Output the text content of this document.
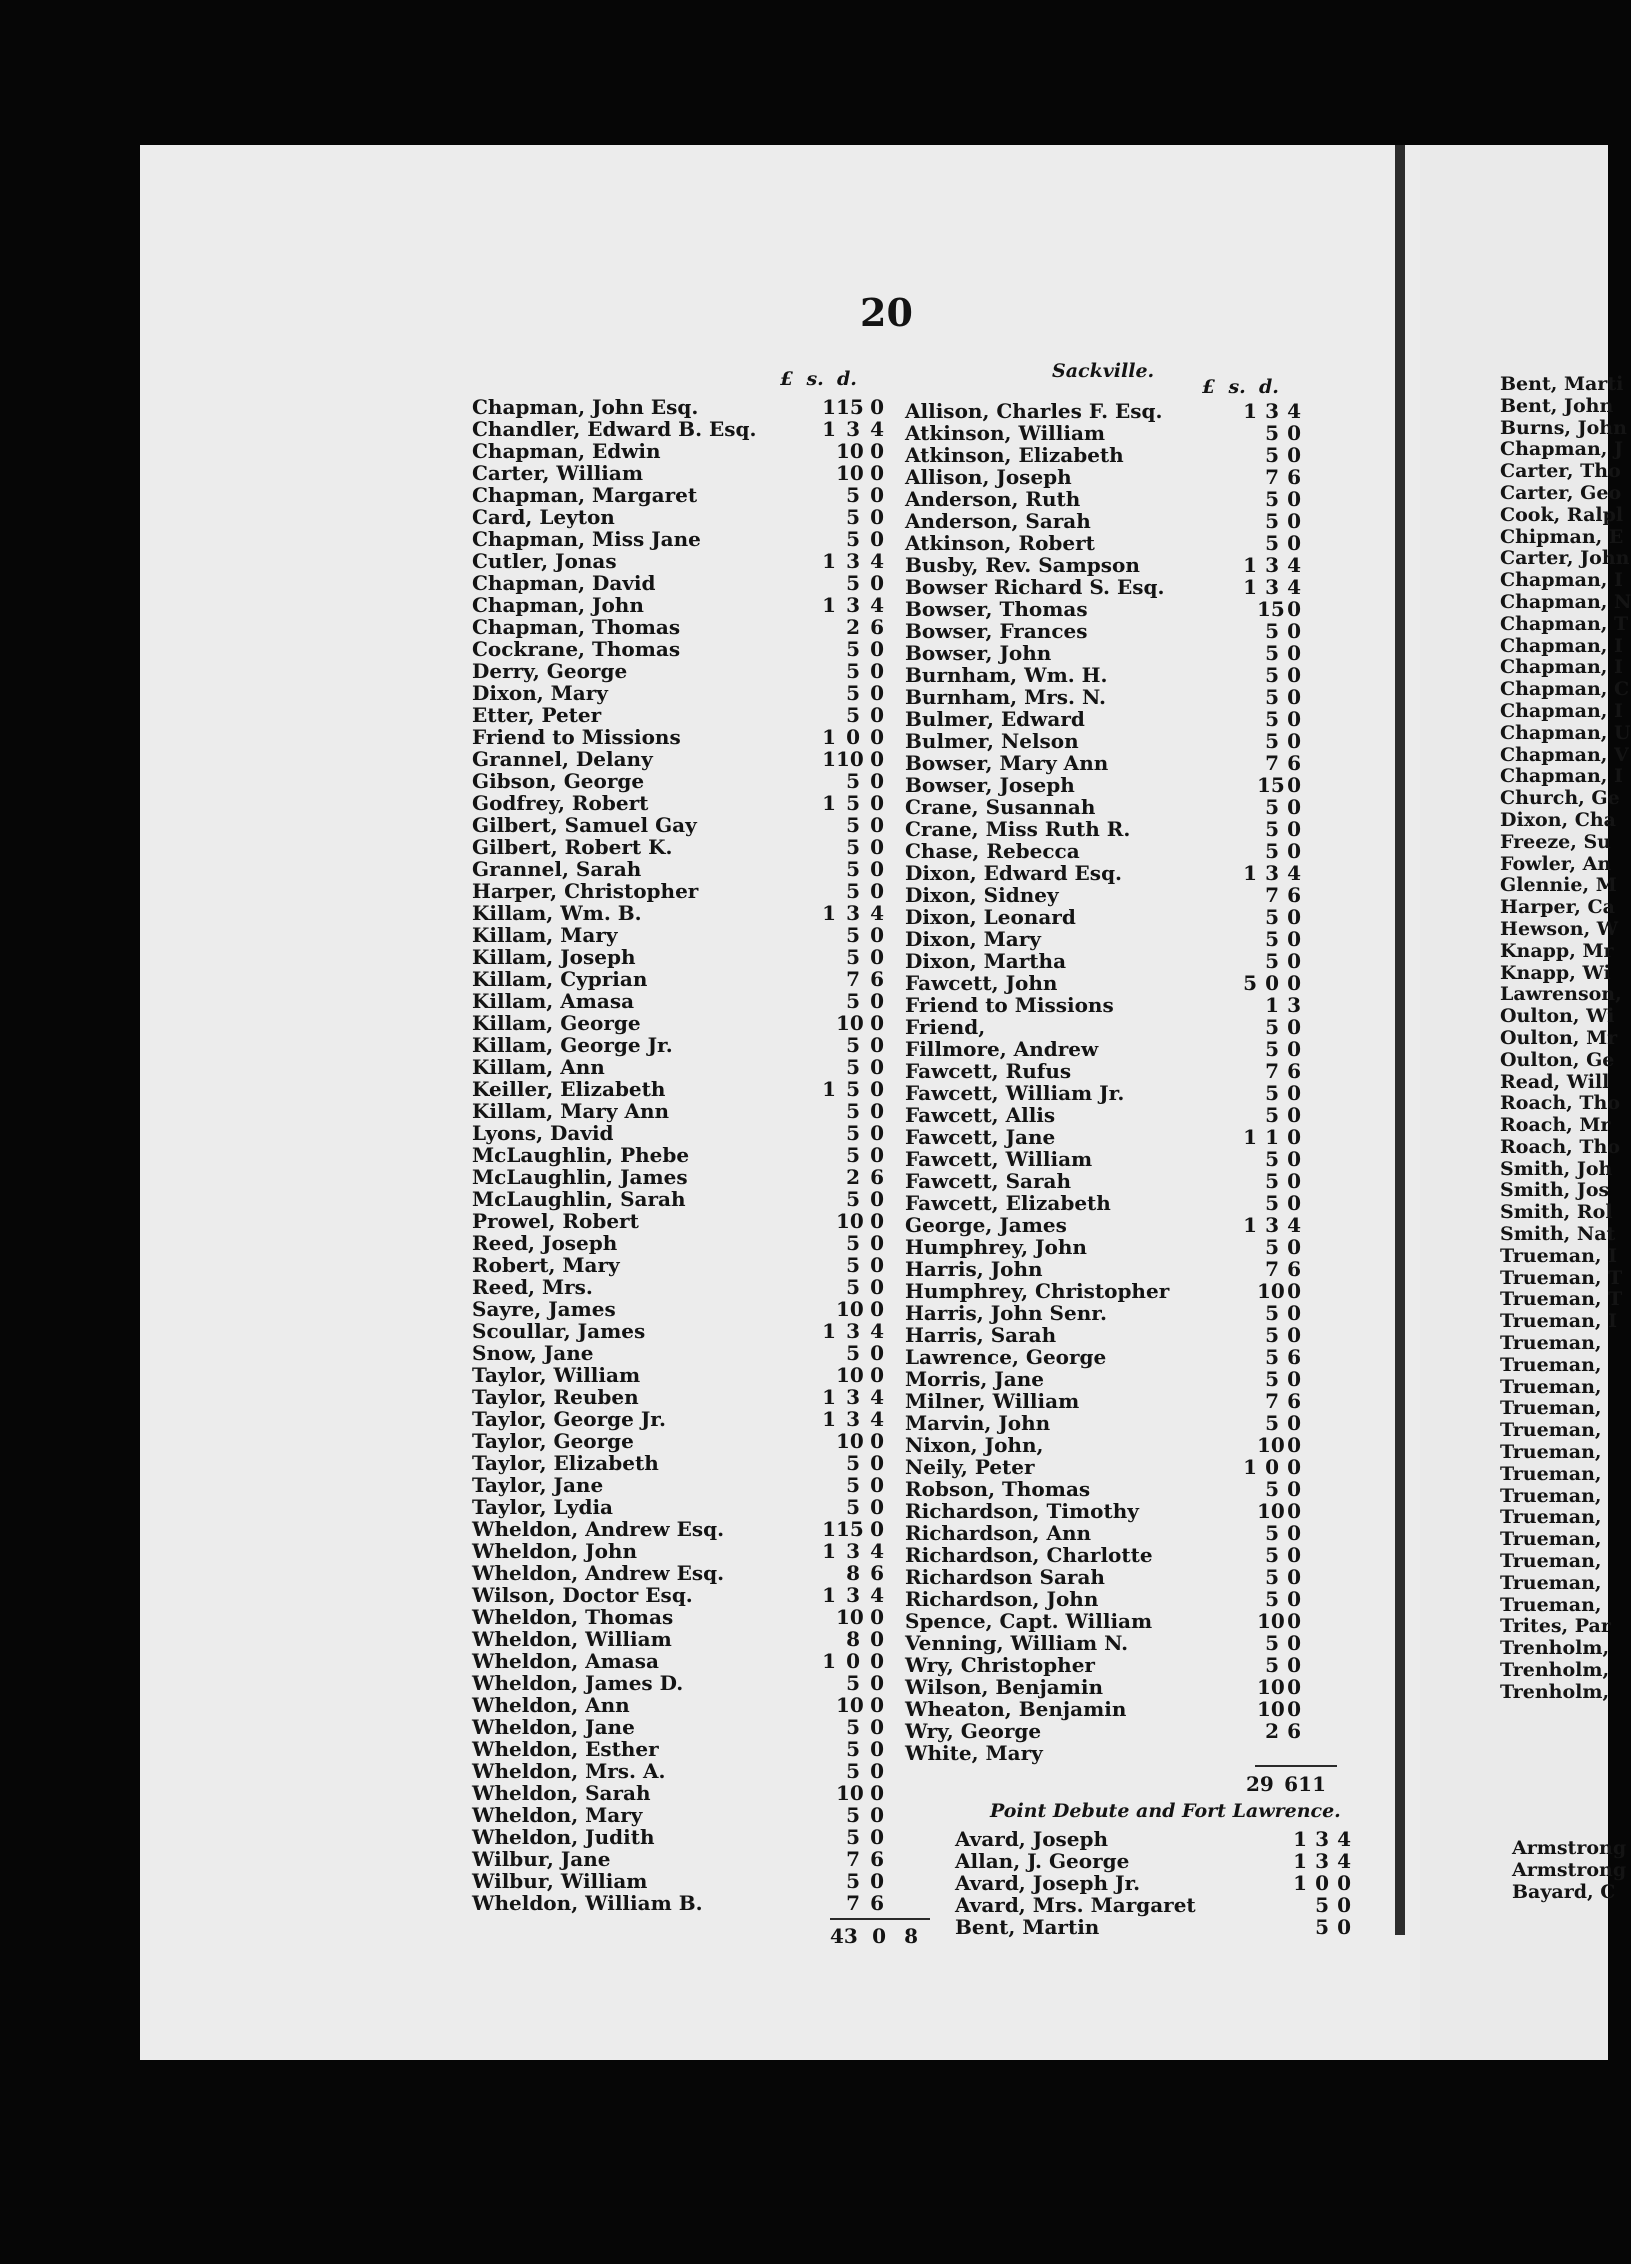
20
£ s. d.	£ s. d.
Sackville.
Chapman, John Esq.	1 15 0
Chandler, Edward B. Esq.	1 3 4
Chapman, Edwin	10 0
Carter, William	10 0
Chapman, Margaret	5 0
Card, Leyton	5 0
Chapman, Miss Jane	5 0
Cutler, Jonas	1 3 4
Chapman, David	5 0
Chapman, John	1 3 4
Chapman, Thomas	2 6
Cockrane, Thomas	5 0
Derry, George	5 0
Dixon, Mary	5 0
Etter, Peter	5 0
Friend to Missions	1 0 0
Grannel, Delany	1 10 0
Gibson, George	5 0
Godfrey, Robert	1 5 0
Gilbert, Samuel Gay	5 0
Gilbert, Robert K.	5 0
Grannel, Sarah	5 0
Harper, Christopher	5 0
Killam, Wm. B.	1 3 4
Killam, Mary	5 0
Killam, Joseph	5 0
Killam, Cyprian	7 6
Killam, Amasa	5 0
Killam, George	10 0
Killam, George Jr.	5 0
Killam, Ann	5 0
Keiller, Elizabeth	1 5 0
Killam, Mary Ann	5 0
Lyons, David	5 0
McLaughlin, Phebe	5 0
McLaughlin, James	2 6
McLaughlin, Sarah	5 0
Prowel, Robert	10 0
Reed, Joseph	5 0
Robert, Mary	5 0
Reed, Mrs.	5 0
Sayre, James	10 0
Scoullar, James	1 3 4
Snow, Jane	5 0
Taylor, William	10 0
Taylor, Reuben	1 3 4
Taylor, George Jr.	1 3 4
Taylor, George	10 0
Taylor, Elizabeth	5 0
Taylor, Jane	5 0
Taylor, Lydia	5 0
Wheldon, Andrew Esq.	1 15 0
Wheldon, John	1 3 4
Wheldon, Andrew Esq.	8 6
Wilson, Doctor Esq.	1 3 4
Wheldon, Thomas	10 0
Wheldon, William	8 0
Wheldon, Amasa	1 0 0
Wheldon, James D.	5 0
Wheldon, Ann	10 0
Wheldon, Jane	5 0
Wheldon, Esther	5 0
Wheldon, Mrs. A.	5 0
Wheldon, Sarah	10 0
Wheldon, Mary	5 0
Wheldon, Judith	5 0
Wilbur, Jane	7 6
Wilbur, William	5 0
Wheldon, William B.	7 6
43 0 8
Allison, Charles F. Esq.	1 3 4
Atkinson, William	5 0
Atkinson, Elizabeth	5 0
Allison, Joseph	7 6
Anderson, Ruth	5 0
Anderson, Sarah	5 0
Atkinson, Robert	5 0
Busby, Rev. Sampson	1 3 4
Bowser Richard S. Esq.	1 3 4
Bowser, Thomas	15 0
Bowser, Frances	5 0
Bowser, John	5 0
Burnham, Wm. H.	5 0
Burnham, Mrs. N.	5 0
Bulmer, Edward	5 0
Bulmer, Nelson	5 0
Bowser, Mary Ann	7 6
Bowser, Joseph	15 0
Crane, Susannah	5 0
Crane, Miss Ruth R.	5 0
Chase, Rebecca	5 0
Dixon, Edward Esq.	1 3 4
Dixon, Sidney	7 6
Dixon, Leonard	5 0
Dixon, Mary	5 0
Dixon, Martha	5 0
Fawcett, John	5 0 0
Friend to Missions	1 3
Friend,	5 0
Fillmore, Andrew	5 0
Fawcett, Rufus	7 6
Fawcett, William Jr.	5 0
Fawcett, Allis	5 0
Fawcett, Jane	1 1 0
Fawcett, William	5 0
Fawcett, Sarah	5 0
Fawcett, Elizabeth	5 0
George, James	1 3 4
Humphrey, John	5 0
Harris, John	7 6
Humphrey, Christopher	10 0
Harris, John Senr.	5 0
Harris, Sarah	5 0
Lawrence, George	5 6
Morris, Jane	5 0
Milner, William	7 6
Marvin, John	5 0
Nixon, John,	10 0
Neily, Peter	1 0 0
Robson, Thomas	5 0
Richardson, Timothy	10 0
Richardson, Ann	5 0
Richardson, Charlotte	5 0
Richardson Sarah	5 0
Richardson, John	5 0
Spence, Capt. William	10 0
Venning, William N.	5 0
Wry, Christopher	5 0
Wilson, Benjamin	10 0
Wheaton, Benjamin	10 0
Wry, George	2 6
White, Mary
29 6 11
Point Debute and Fort Lawrence.
Avard, Joseph	1 3 4
Allan, J. George	1 3 4
Avard, Joseph Jr.	1 0 0
Avard, Mrs. Margaret	5 0
Bent, Martin	5 0
Bent, Marti
Bent, John
Burns, John
Chapman, J
Carter, Tho
Carter, Geo
Cook, Ralpl
Chipman, E
Carter, John
Chapman, I
Chapman, N
Chapman, T
Chapman, I
Chapman, I
Chapman, C
Chapman, I
Chapman, U
Chapman, V
Chapman, I
Church, Ge
Dixon, Cha
Freeze, Su
Fowler, An
Glennie, M
Harper, Ca
Hewson, W
Knapp, Mr
Knapp, Wi
Lawrenson,
Oulton, Wi
Oulton, Mr
Oulton, Ge
Read, Will
Roach, Tho
Roach, Mr
Roach, Tho
Smith, Joh
Smith, Jos
Smith, Rol
Smith, Nat
Trueman, I
Trueman, T
Trueman, T
Trueman, I
Trueman,
Trueman,
Trueman,
Trueman,
Trueman,
Trueman,
Trueman,
Trueman,
Trueman,
Trueman,
Trueman,
Trueman,
Trueman,
Trites, Par
Trenholm,
Trenholm,
Trenholm,
Armstrong
Armstrong
Bayard, C
